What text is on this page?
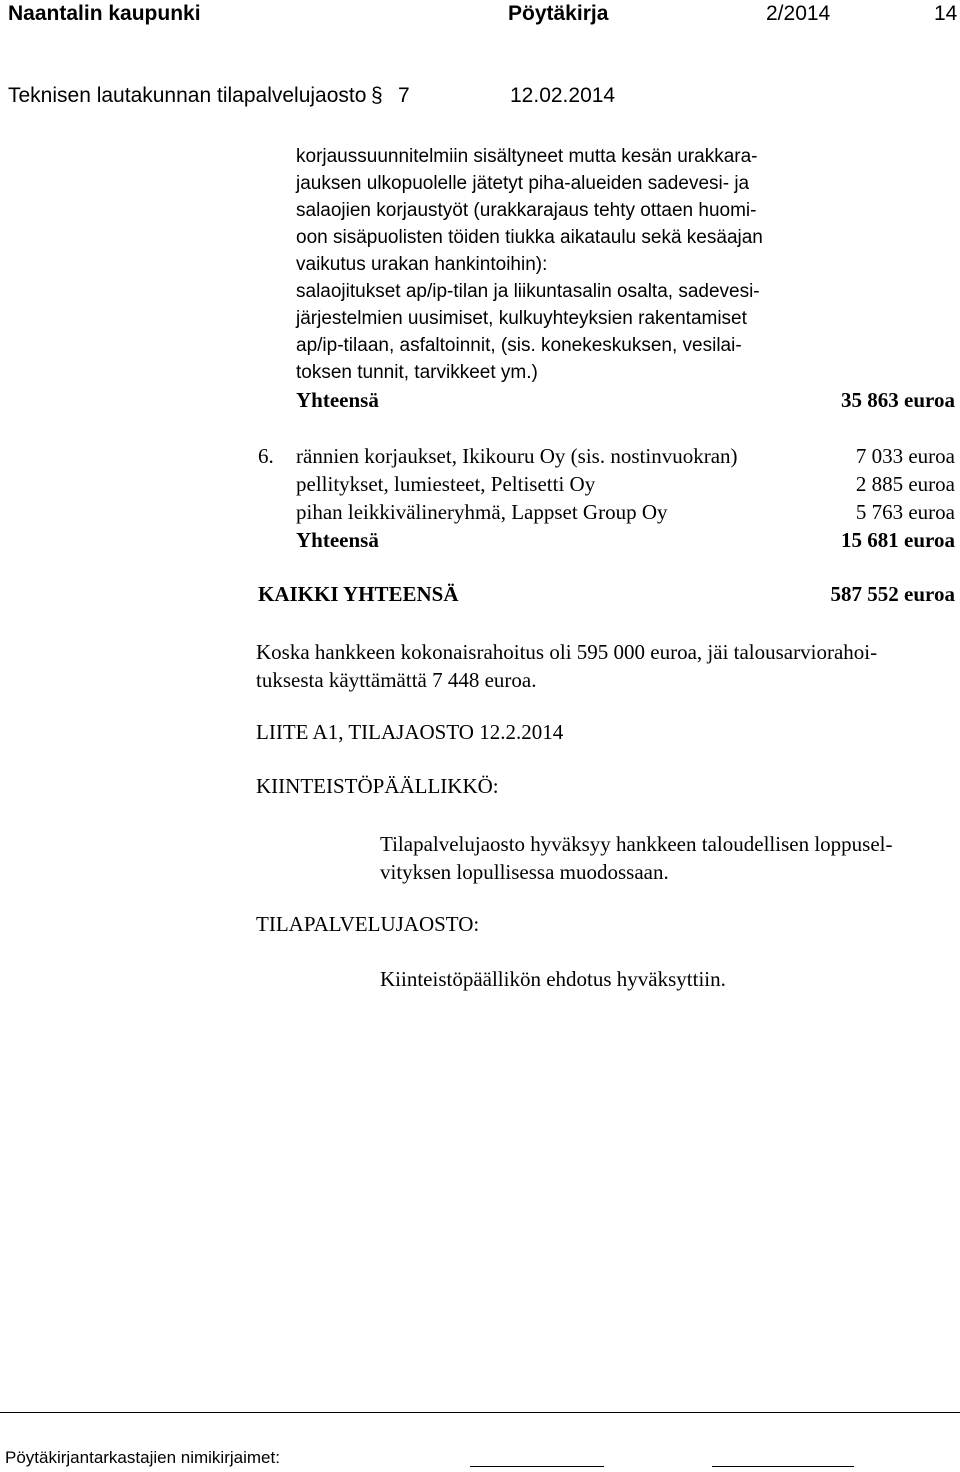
Naantalin kaupunki	Pöytäkirja	2/2014	14
Teknisen lautakunnan tilapalvelujaosto § 7	12.02.2014
korjaussuunnitelmiin sisältyneet mutta kesän urakkara-
jauksen ulkopuolelle jätetyt piha-alueiden sadevesi- ja
salaojien korjaustyöt (urakkarajaus tehty ottaen huomi-
oon sisäpuolisten töiden tiukka aikataulu sekä kesäajan
vaikutus urakan hankintoihin):
salaojitukset ap/ip-tilan ja liikuntasalin osalta, sadevesi-
järjestelmien uusimiset, kulkuyhteyksien rakentamiset
ap/ip-tilaan, asfaltoinnit, (sis. konekeskuksen, vesilai-
toksen tunnit, tarvikkeet ym.)
Yhteensä	35 863 euroa
6. rännien korjaukset, Ikikouru Oy (sis. nostinvuokran)	7 033 euroa
pellitykset, lumiesteet, Peltisetti Oy	2 885 euroa
pihan leikkivälineryhmä, Lappset Group Oy	5 763 euroa
Yhteensä	15 681 euroa
KAIKKI YHTEENSÄ	587 552 euroa
Koska hankkeen kokonaisrahoitus oli 595 000 euroa, jäi talousarviorahoi-
tuksesta käyttämättä 7 448 euroa.
LIITE A1, TILAJAOSTO 12.2.2014
KIINTEISTÖPÄÄLLIKKÖ:
Tilapalvelujaosto hyväksyy hankkeen taloudellisen loppusel-
vityksen lopullisessa muodossaan.
TILAPALVELUJAOSTO:
Kiinteistöpäällikön ehdotus hyväksyttiin.
Pöytäkirjantarkastajien nimikirjaimet:
